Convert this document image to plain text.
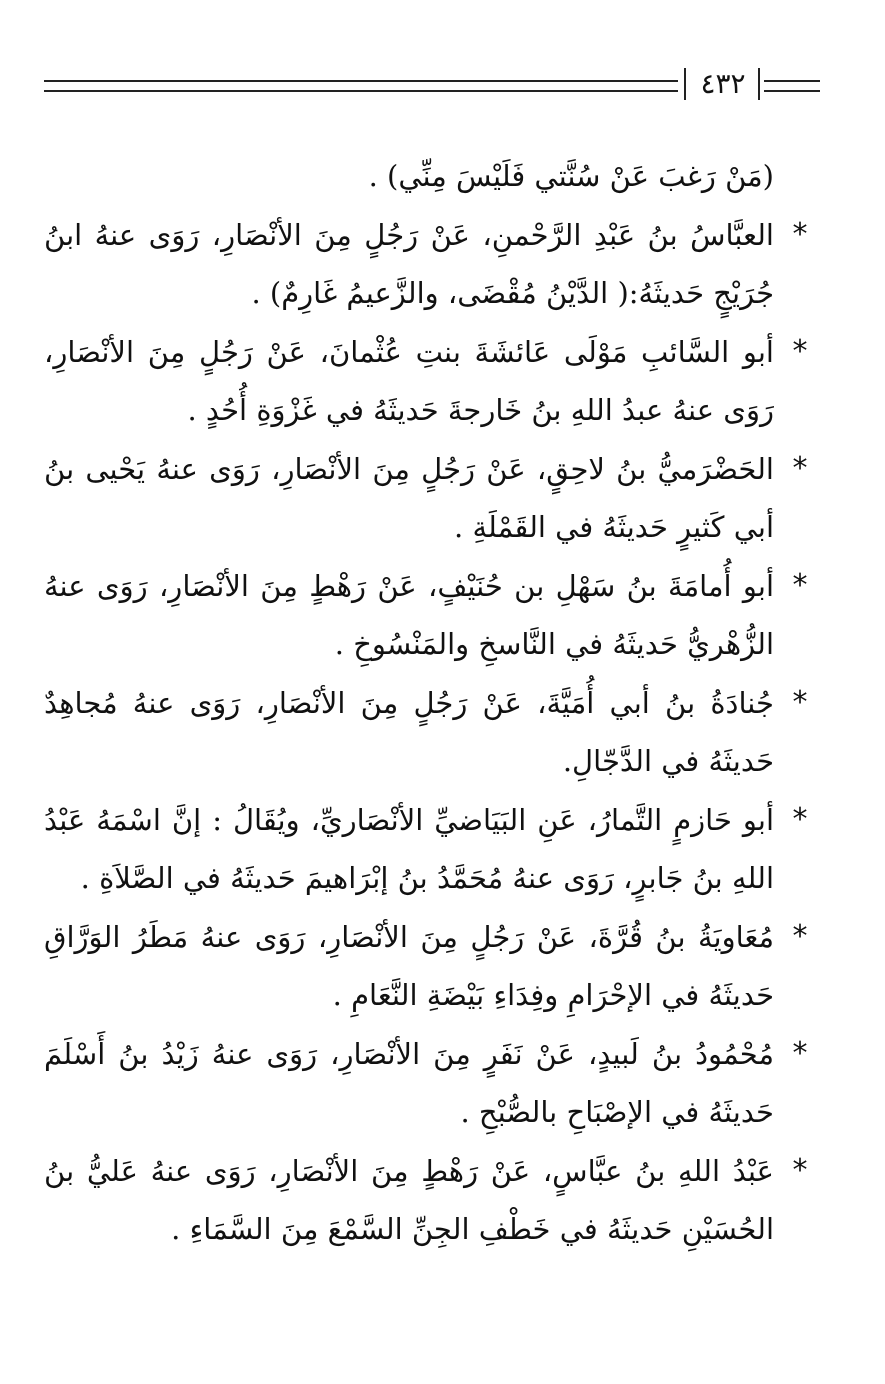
٤٣٢

(مَنْ رَغبَ عَنْ سُنَّتي فَلَيْسَ مِنِّي) .

*
العبَّاسُ بنُ عَبْدِ الرَّحْمنِ، عَنْ رَجُلٍ مِنَ الأنْصَارِ، رَوَى عنهُ ابنُ جُرَيْجٍ حَديثَهُ:( الدَّيْنُ مُقْضَى، والزَّعيمُ غَارِمٌ) .
*
أبو السَّائبِ مَوْلَى عَائشَةَ بنتِ عُثْمانَ، عَنْ رَجُلٍ مِنَ الأنْصَارِ، رَوَى عنهُ عبدُ اللهِ بنُ خَارجةَ حَديثَهُ في غَزْوَةِ أُحُدٍ .
*
الحَضْرَميُّ بنُ لاحِقٍ، عَنْ رَجُلٍ مِنَ الأنْصَارِ، رَوَى عنهُ يَحْيى بنُ أبي كَثيرٍ حَديثَهُ في القَمْلَةِ .
*
أبو أُمامَةَ بنُ سَهْلِ بن حُنَيْفٍ، عَنْ رَهْطٍ مِنَ الأنْصَارِ، رَوَى عنهُ الزُّهْريُّ حَديثَهُ في النَّاسخِ والمَنْسُوخِ .
*
جُنادَةُ بنُ أبي أُمَيَّةَ، عَنْ رَجُلٍ مِنَ الأنْصَارِ، رَوَى عنهُ مُجاهِدٌ حَديثَهُ في الدَّجّالِ.
*
أبو حَازمٍ التَّمارُ، عَنِ البَيَاضيِّ الأنْصَاريِّ، ويُقَالُ : إنَّ اسْمَهُ عَبْدُ اللهِ بنُ جَابرٍ، رَوَى عنهُ مُحَمَّدُ بنُ إبْرَاهيمَ حَديثَهُ في الصَّلاَةِ .
*
مُعَاويَةُ بنُ قُرَّةَ، عَنْ رَجُلٍ مِنَ الأنْصَارِ، رَوَى عنهُ مَطَرُ الوَرَّاقِ حَديثَهُ في الإحْرَامِ وفِدَاءِ بَيْضَةِ النَّعَامِ .
*
مُحْمُودُ بنُ لَبيدٍ، عَنْ نَفَرٍ مِنَ الأنْصَارِ، رَوَى عنهُ زَيْدُ بنُ أَسْلَمَ حَديثَهُ في الإصْبَاحِ بالصُّبْحِ .
*
عَبْدُ اللهِ بنُ عبَّاسٍ، عَنْ رَهْطٍ مِنَ الأنْصَارِ، رَوَى عنهُ عَليُّ بنُ الحُسَيْنِ حَديثَهُ في خَطْفِ الجِنِّ السَّمْعَ مِنَ السَّمَاءِ .
